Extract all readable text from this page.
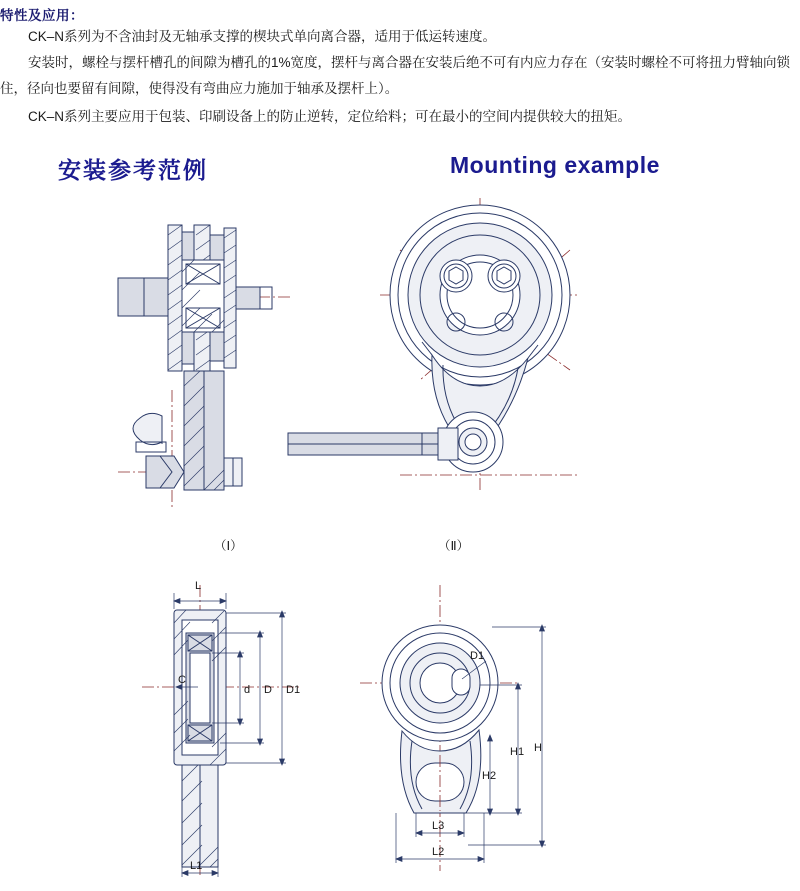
特性及应用：
CK–N系列为不含油封及无轴承支撑的楔块式单向离合器，适用于低运转速度。
安装时，螺栓与摆杆槽孔的间隙为槽孔的1%宽度，摆杆与离合器在安装后绝不可有内应力存在（安装时螺栓不可将扭力臂轴向锁住，径向也要留有间隙，使得没有弯曲应力施加于轴承及摆杆上）。
CK–N系列主要应用于包装、印刷设备上的防止逆转，定位给料；可在最小的空间内提供较大的扭矩。
安装参考范例	Mounting example
（Ⅰ）	（Ⅱ）
L
C
d D D1
L1
D1
H1 H
H2
L3
L2
